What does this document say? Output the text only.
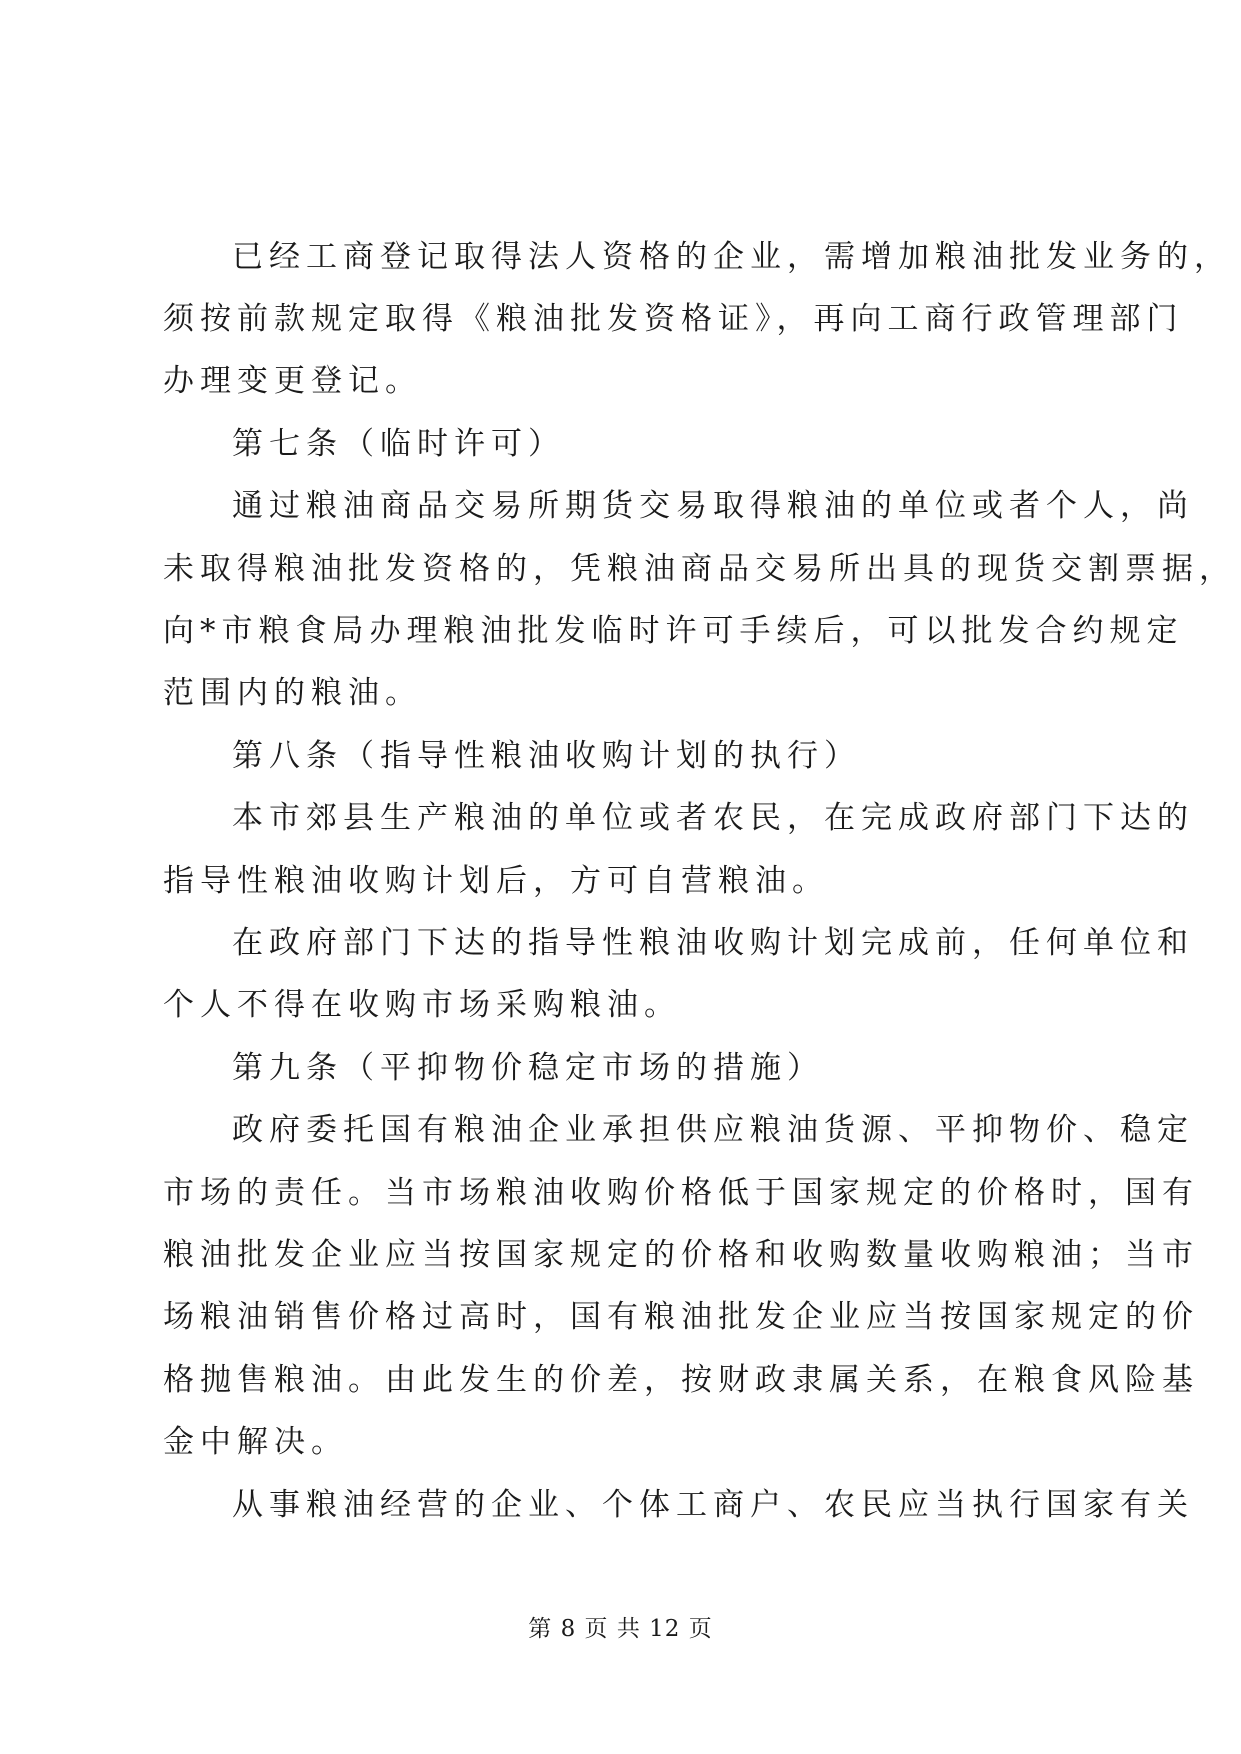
已经工商登记取得法人资格的企业，需增加粮油批发业务的，
须按前款规定取得《粮油批发资格证》，再向工商行政管理部门
办理变更登记。
第七条（临时许可）
通过粮油商品交易所期货交易取得粮油的单位或者个人，尚
未取得粮油批发资格的，凭粮油商品交易所出具的现货交割票据，
向*市粮食局办理粮油批发临时许可手续后，可以批发合约规定
范围内的粮油。
第八条（指导性粮油收购计划的执行）
本市郊县生产粮油的单位或者农民，在完成政府部门下达的
指导性粮油收购计划后，方可自营粮油。
在政府部门下达的指导性粮油收购计划完成前，任何单位和
个人不得在收购市场采购粮油。
第九条（平抑物价稳定市场的措施）
政府委托国有粮油企业承担供应粮油货源、平抑物价、稳定
市场的责任。当市场粮油收购价格低于国家规定的价格时，国有
粮油批发企业应当按国家规定的价格和收购数量收购粮油；当市
场粮油销售价格过高时，国有粮油批发企业应当按国家规定的价
格抛售粮油。由此发生的价差，按财政隶属关系，在粮食风险基
金中解决。
从事粮油经营的企业、个体工商户、农民应当执行国家有关
第 8 页 共 12 页
